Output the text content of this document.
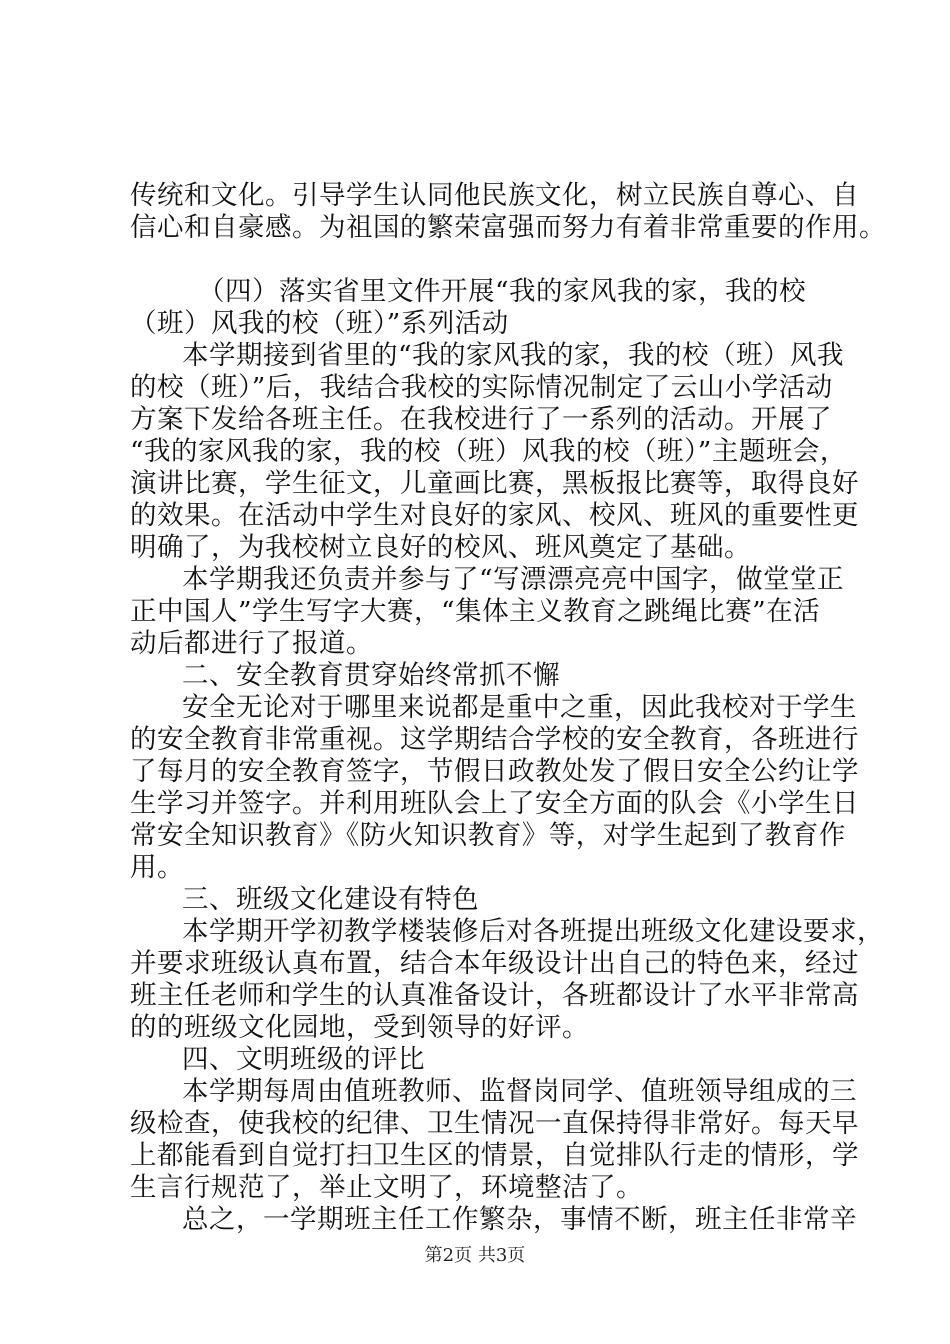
传统和文化。引导学生认同他民族文化，树立民族自尊心、自
信心和自豪感。为祖国的繁荣富强而努力有着非常重要的作用。
（四）落实省里文件开展“我的家风我的家，我的校
（班）风我的校（班）”系列活动
本学期接到省里的“我的家风我的家，我的校（班）风我
的校（班）”后，我结合我校的实际情况制定了云山小学活动
方案下发给各班主任。在我校进行了一系列的活动。开展了
“我的家风我的家，我的校（班）风我的校（班）”主题班会，
演讲比赛，学生征文，儿童画比赛，黑板报比赛等，取得良好
的效果。在活动中学生对良好的家风、校风、班风的重要性更
明确了，为我校树立良好的校风、班风奠定了基础。
本学期我还负责并参与了“写漂漂亮亮中国字，做堂堂正
正中国人”学生写字大赛，“集体主义教育之跳绳比赛”在活
动后都进行了报道。
二、安全教育贯穿始终常抓不懈
安全无论对于哪里来说都是重中之重，因此我校对于学生
的安全教育非常重视。这学期结合学校的安全教育，各班进行
了每月的安全教育签字，节假日政教处发了假日安全公约让学
生学习并签字。并利用班队会上了安全方面的队会《小学生日
常安全知识教育》《防火知识教育》等，对学生起到了教育作
用。
三、班级文化建设有特色
本学期开学初教学楼装修后对各班提出班级文化建设要求，
并要求班级认真布置，结合本年级设计出自己的特色来，经过
班主任老师和学生的认真准备设计，各班都设计了水平非常高
的的班级文化园地，受到领导的好评。
四、文明班级的评比
本学期每周由值班教师、监督岗同学、值班领导组成的三
级检查，使我校的纪律、卫生情况一直保持得非常好。每天早
上都能看到自觉打扫卫生区的情景，自觉排队行走的情形，学
生言行规范了，举止文明了，环境整洁了。
总之，一学期班主任工作繁杂，事情不断，班主任非常辛
第2页 共3页
